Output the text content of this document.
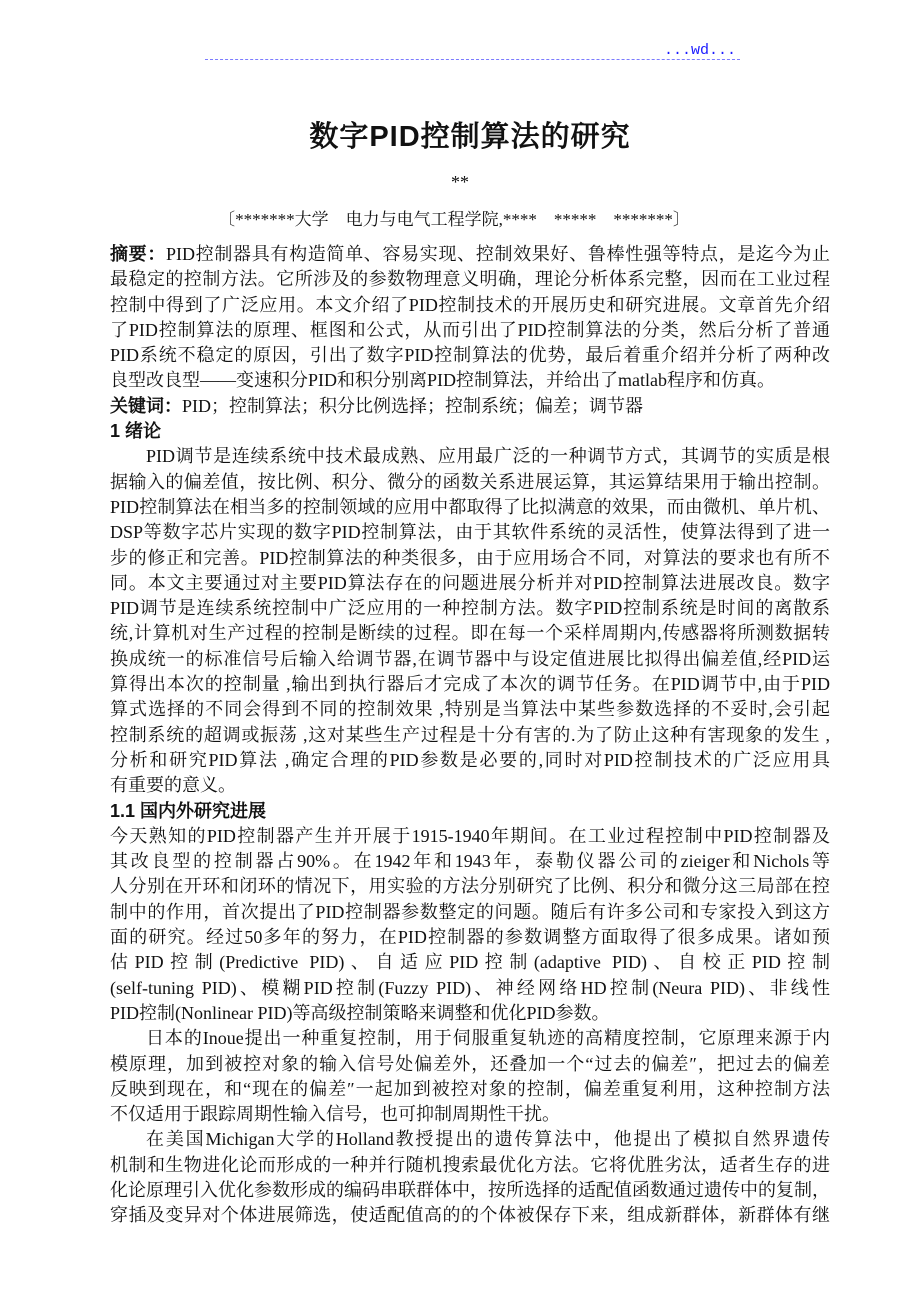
...wd...
数字PID控制算法的研究
**
〔*******大学　电力与电气工程学院,****　*****　*******〕
摘要：PID控制器具有构造简单、容易实现、控制效果好、鲁棒性强等特点，是迄今为止
最稳定的控制方法。它所涉及的参数物理意义明确，理论分析体系完整，因而在工业过程
控制中得到了广泛应用。本文介绍了PID控制技术的开展历史和研究进展。文章首先介绍
了PID控制算法的原理、框图和公式，从而引出了PID控制算法的分类，然后分析了普通
PID系统不稳定的原因，引出了数字PID控制算法的优势，最后着重介绍并分析了两种改
良型改良型——变速积分PID和积分别离PID控制算法，并给出了matlab程序和仿真。
关键词：PID；控制算法；积分比例选择；控制系统；偏差；调节器
1 绪论
PID调节是连续系统中技术最成熟、应用最广泛的一种调节方式，其调节的实质是根
据输入的偏差值，按比例、积分、微分的函数关系进展运算，其运算结果用于输出控制。
PID控制算法在相当多的控制领域的应用中都取得了比拟满意的效果，而由微机、单片机、
DSP等数字芯片实现的数字PID控制算法，由于其软件系统的灵活性，使算法得到了进一
步的修正和完善。PID控制算法的种类很多，由于应用场合不同，对算法的要求也有所不
同。本文主要通过对主要PID算法存在的问题进展分析并对PID控制算法进展改良。数字
PID调节是连续系统控制中广泛应用的一种控制方法。数字PID控制系统是时间的离散系
统,计算机对生产过程的控制是断续的过程。即在每一个采样周期内,传感器将所测数据转
换成统一的标准信号后输入给调节器,在调节器中与设定值进展比拟得出偏差值,经PID运
算得出本次的控制量 ,输出到执行器后才完成了本次的调节任务。在PID调节中,由于PID
算式选择的不同会得到不同的控制效果 ,特别是当算法中某些参数选择的不妥时,会引起
控制系统的超调或振荡 ,这对某些生产过程是十分有害的.为了防止这种有害现象的发生 ,
分析和研究PID算法 ,确定合理的PID参数是必要的,同时对PID控制技术的广泛应用具
有重要的意义。
1.1 国内外研究进展
今天熟知的PID控制器产生并开展于1915-1940年期间。在工业过程控制中PID控制器及
其改良型的控制器占90%。在1942年和1943年，泰勒仪器公司的zieiger和Nichols等
人分别在开环和闭环的情况下，用实验的方法分别研究了比例、积分和微分这三局部在控
制中的作用，首次提出了PID控制器参数整定的问题。随后有许多公司和专家投入到这方
面的研究。经过50多年的努力，在PID控制器的参数调整方面取得了很多成果。诸如预
估PID控制(Predictive PID)、自适应PID控制(adaptive PID)、自校正PID控制
(self-tuning PID)、模糊PID控制(Fuzzy PID)、神经网络HD控制(Neura PID)、非线性
PID控制(Nonlinear PID)等高级控制策略来调整和优化PID参数。
日本的Inoue提出一种重复控制，用于伺服重复轨迹的高精度控制，它原理来源于内
模原理，加到被控对象的输入信号处偏差外，还叠加一个“过去的偏差″，把过去的偏差
反映到现在，和“现在的偏差″一起加到被控对象的控制，偏差重复利用，这种控制方法
不仅适用于跟踪周期性输入信号，也可抑制周期性干扰。
在美国Michigan大学的Holland教授提出的遗传算法中，他提出了模拟自然界遗传
机制和生物进化论而形成的一种并行随机搜索最优化方法。它将优胜劣汰，适者生存的进
化论原理引入优化参数形成的编码串联群体中，按所选择的适配值函数通过遗传中的复制，
穿插及变异对个体进展筛选，使适配值高的的个体被保存下来，组成新群体，新群体有继
